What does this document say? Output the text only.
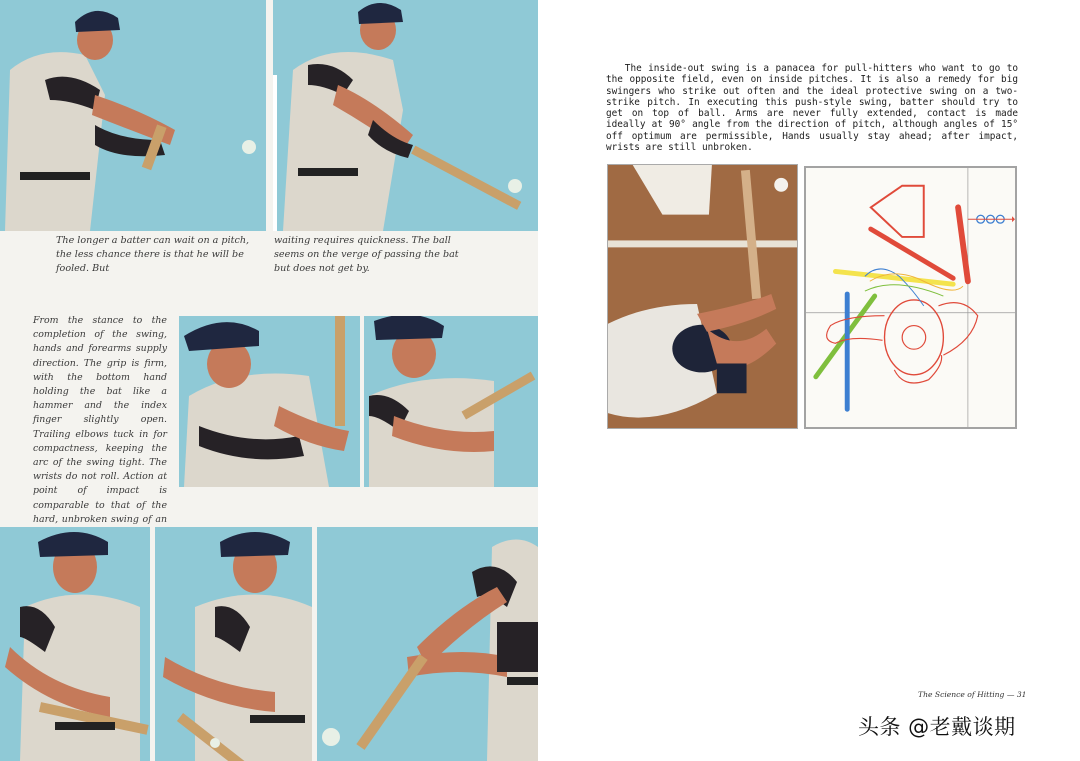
The longer a batter can wait on a pitch, the less chance there is that he will be fooled. But
waiting requires quickness. The ball seems on the verge of passing the bat but does not get by.
From the stance to the completion of the swing, hands and forearms supply direction. The grip is firm, with the bottom hand holding the bat like a hammer and the index finger slightly open. Trailing elbows tuck in for compactness, keeping the arc of the swing tight. The wrists do not roll. Action at point of impact is comparable to that of the hard, unbroken swing of an
The inside-out swing is a panacea for pull-hitters who want to go to the opposite field, even on inside pitches. It is also a remedy for big swingers who strike out often and the ideal protective swing on a two-strike pitch. In executing this push-style swing, batter should try to get on top of ball. Arms are never fully extended, contact is made ideally at 90° angle from the direction of pitch, although angles of 15° off optimum are permissible, Hands usually stay ahead; after impact, wrists are still unbroken.
The Science of Hitting — 31
头条 @老戴谈期
